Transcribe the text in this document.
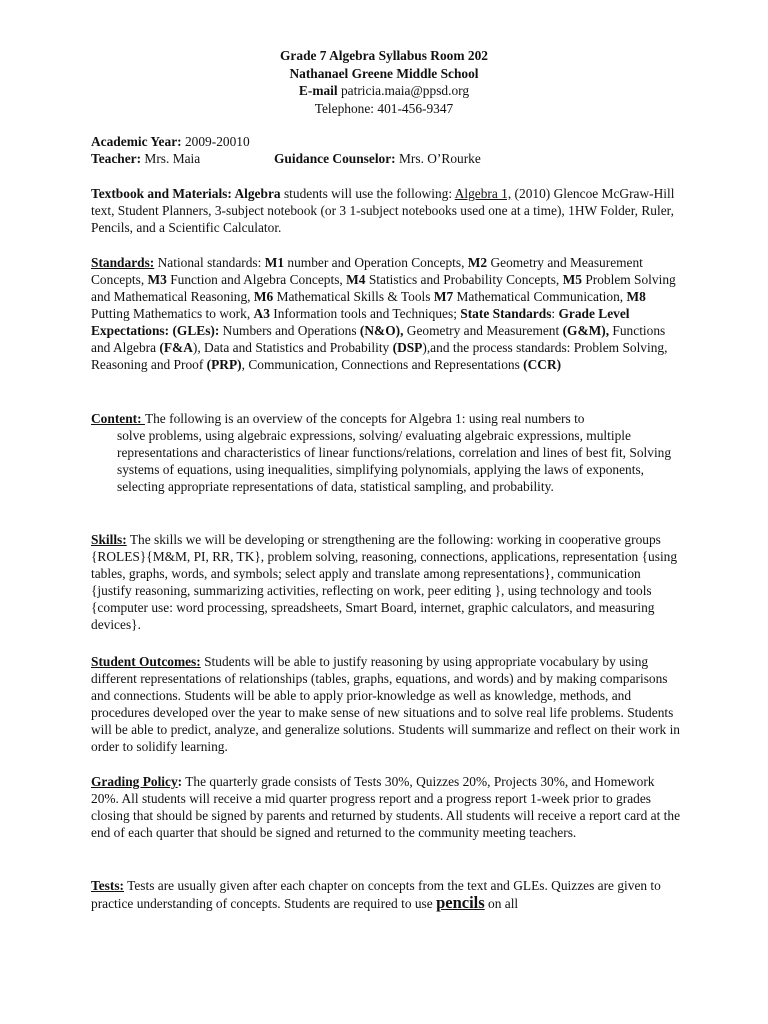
Grade 7 Algebra Syllabus Room 202
Nathanael Greene Middle School
E-mail patricia.maia@ppsd.org
Telephone: 401-456-9347
Academic Year: 2009-20010
Teacher: Mrs. Maia	Guidance Counselor: Mrs. O’Rourke

Textbook and Materials: Algebra students will use the following: Algebra 1, (2010) Glencoe McGraw-Hill text, Student Planners, 3-subject notebook (or 3 1-subject notebooks used one at a time), 1HW Folder, Ruler, Pencils, and a Scientific Calculator.

Standards: National standards: M1 number and Operation Concepts, M2 Geometry and Measurement Concepts, M3 Function and Algebra Concepts, M4 Statistics and Probability Concepts, M5 Problem Solving and Mathematical Reasoning, M6 Mathematical Skills & Tools M7 Mathematical Communication, M8 Putting Mathematics to work, A3 Information tools and Techniques; State Standards: Grade Level Expectations: (GLEs): Numbers and Operations (N&O), Geometry and Measurement (G&M), Functions and Algebra (F&A), Data and Statistics and Probability (DSP),and the process standards: Problem Solving, Reasoning and Proof (PRP), Communication, Connections and Representations (CCR)

Content: The following is an overview of the concepts for Algebra 1: using real numbers to

solve problems, using algebraic expressions, solving/ evaluating algebraic expressions, multiple representations and characteristics of linear functions/relations, correlation and lines of best fit, Solving systems of equations, using inequalities, simplifying polynomials, applying the laws of exponents, selecting appropriate representations of data, statistical sampling, and probability.

Skills: The skills we will be developing or strengthening are the following: working in cooperative groups {ROLES}{M&M, PI, RR, TK}, problem solving, reasoning, connections, applications, representation {using tables, graphs, words, and symbols; select apply and translate among representations}, communication {justify reasoning, summarizing activities, reflecting on work, peer editing }, using technology and tools {computer use: word processing, spreadsheets, Smart Board, internet, graphic calculators, and measuring devices}.

Student Outcomes: Students will be able to justify reasoning by using appropriate vocabulary by using different representations of relationships (tables, graphs, equations, and words) and by making comparisons and connections. Students will be able to apply prior-knowledge as well as knowledge, methods, and procedures developed over the year to make sense of new situations and to solve real life problems. Students will be able to predict, analyze, and generalize solutions. Students will summarize and reflect on their work in order to solidify learning.

Grading Policy: The quarterly grade consists of Tests 30%, Quizzes 20%, Projects 30%, and Homework 20%. All students will receive a mid quarter progress report and a progress report 1-week prior to grades closing that should be signed by parents and returned by students. All students will receive a report card at the end of each quarter that should be signed and returned to the community meeting teachers.

Tests: Tests are usually given after each chapter on concepts from the text and GLEs. Quizzes are given to practice understanding of concepts. Students are required to use pencils on all
